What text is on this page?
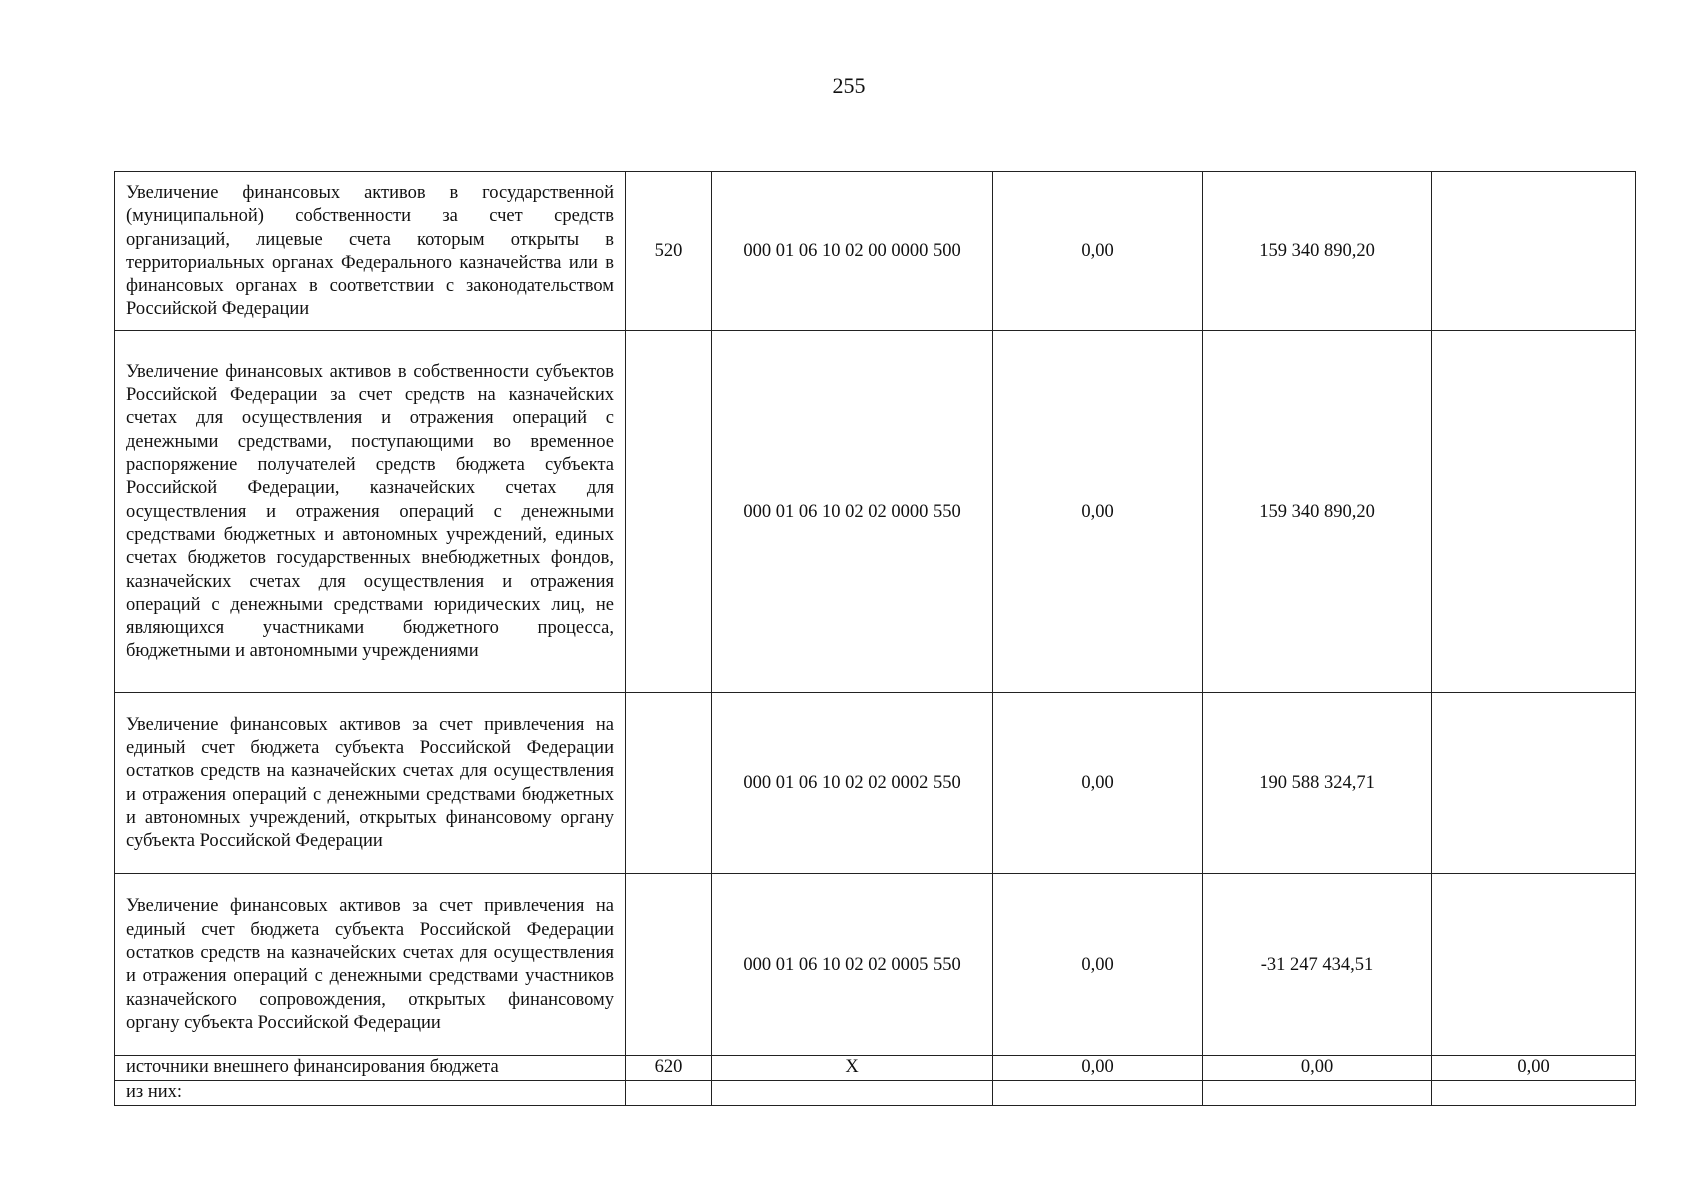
255
Увеличение финансовых активов в государственной (муниципальной) собственности за счет средств организаций, лицевые счета которым открыты в территориальных органах Федерального казначейства или в финансовых органах в соответствии с законодательством Российской Федерации	520	000 01 06 10 02 00 0000 500	0,00	159 340 890,20	
Увеличение финансовых активов в собственности субъектов Российской Федерации за счет средств на казначейских счетах для осуществления и отражения операций с денежными средствами, поступающими во временное распоряжение получателей средств бюджета субъекта Российской Федерации, казначейских счетах для осуществления и отражения операций с денежными средствами бюджетных и автономных учреждений, единых счетах бюджетов государственных внебюджетных фондов, казначейских счетах для осуществления и отражения операций с денежными средствами юридических лиц, не являющихся участниками бюджетного процесса, бюджетными и автономными учреждениями		000 01 06 10 02 02 0000 550	0,00	159 340 890,20	
Увеличение финансовых активов за счет привлечения на единый счет бюджета субъекта Российской Федерации остатков средств на казначейских счетах для осуществления и отражения операций с денежными средствами бюджетных и автономных учреждений, открытых финансовому органу субъекта Российской Федерации		000 01 06 10 02 02 0002 550	0,00	190 588 324,71	
Увеличение финансовых активов за счет привлечения на единый счет бюджета субъекта Российской Федерации остатков средств на казначейских счетах для осуществления и отражения операций с денежными средствами участников казначейского сопровождения, открытых финансовому органу субъекта Российской Федерации		000 01 06 10 02 02 0005 550	0,00	-31 247 434,51	
источники внешнего финансирования бюджета	620	X	0,00	0,00	0,00
из них:					
